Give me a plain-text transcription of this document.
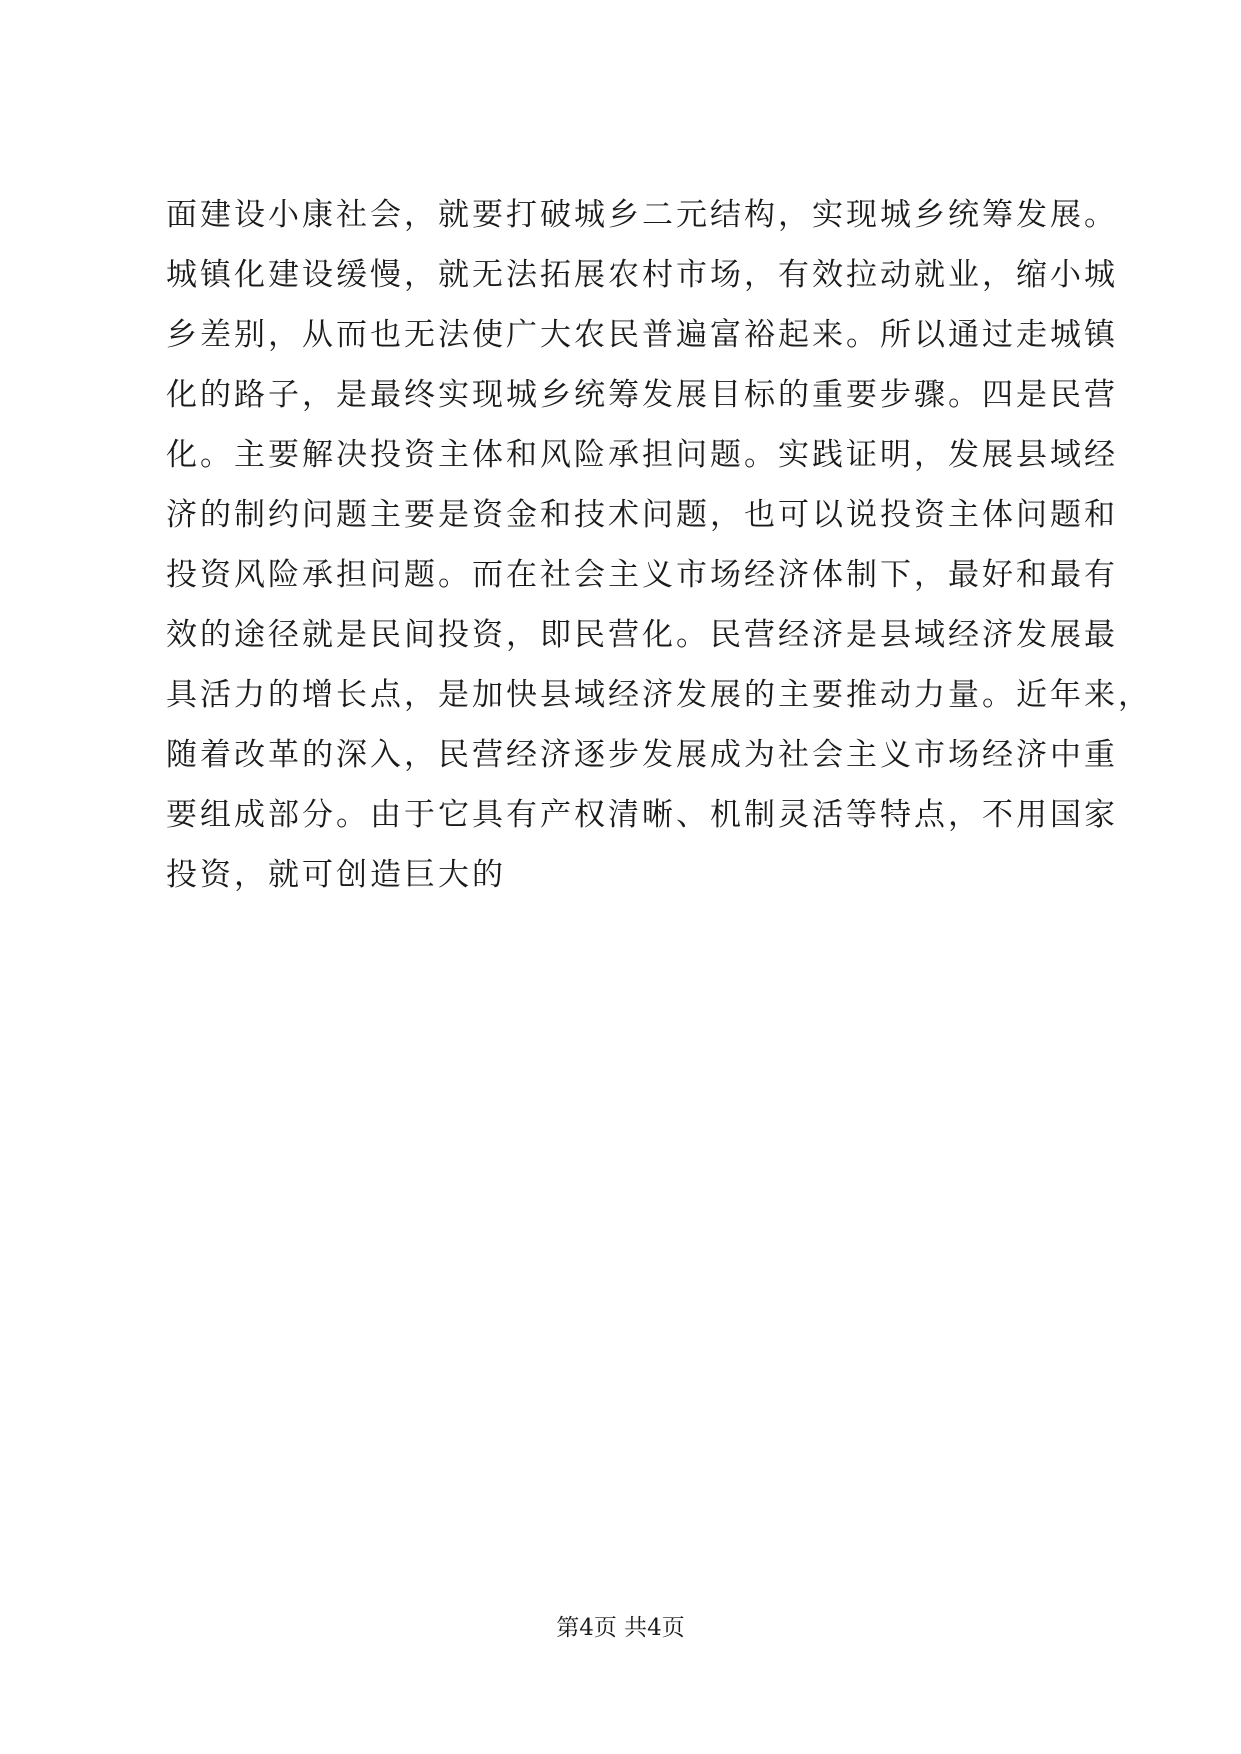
面建设小康社会，就要打破城乡二元结构，实现城乡统筹发展。
城镇化建设缓慢，就无法拓展农村市场，有效拉动就业，缩小城
乡差别，从而也无法使广大农民普遍富裕起来。所以通过走城镇
化的路子，是最终实现城乡统筹发展目标的重要步骤。四是民营
化。主要解决投资主体和风险承担问题。实践证明，发展县域经
济的制约问题主要是资金和技术问题，也可以说投资主体问题和
投资风险承担问题。而在社会主义市场经济体制下，最好和最有
效的途径就是民间投资，即民营化。民营经济是县域经济发展最
具活力的增长点，是加快县域经济发展的主要推动力量。近年来，
随着改革的深入，民营经济逐步发展成为社会主义市场经济中重
要组成部分。由于它具有产权清晰、机制灵活等特点，不用国家
投资，就可创造巨大的
第4页 共4页
